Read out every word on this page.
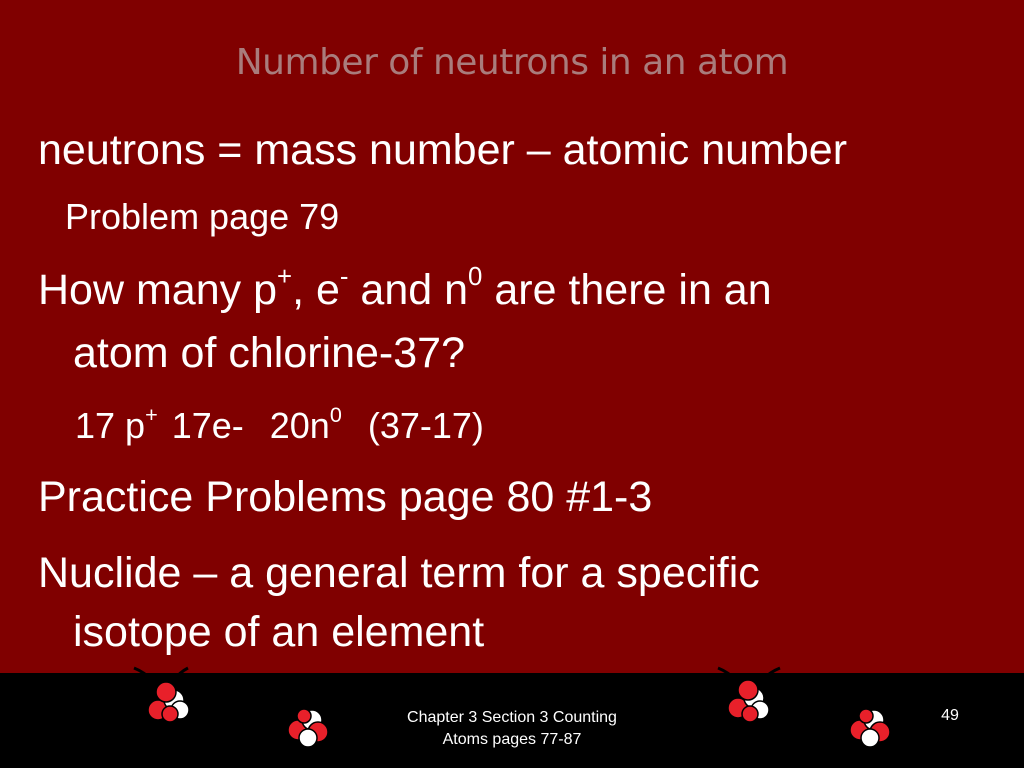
Number of neutrons in an atom
neutrons = mass number – atomic number
Problem page 79
How many p+, e- and $n^0$ are there in an
atom of chlorine-37?
17 p+ 17e- $20n^0$ (37-17)
Practice Problems page 80 #1-3
Nuclide – a general term for a specific
isotope of an element
Chapter 3 Section 3 Counting
Atoms pages 77-87
49
